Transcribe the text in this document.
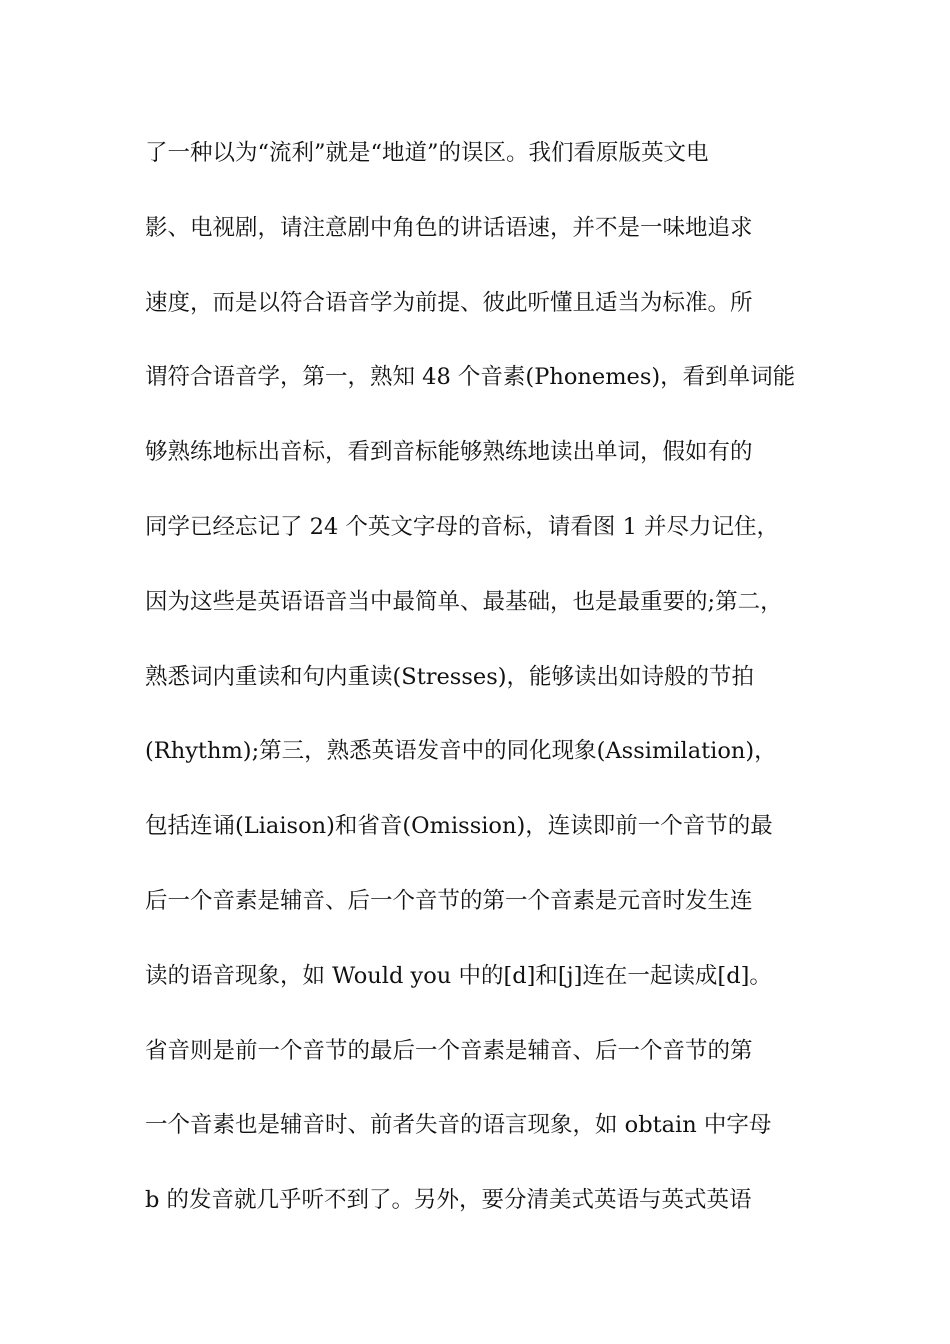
了一种以为“流利”就是“地道”的误区。我们看原版英文电
影、电视剧，请注意剧中角色的讲话语速，并不是一味地追求
速度，而是以符合语音学为前提、彼此听懂且适当为标准。所
谓符合语音学，第一，熟知 48 个音素(Phonemes)，看到单词能
够熟练地标出音标，看到音标能够熟练地读出单词，假如有的
同学已经忘记了 24 个英文字母的音标，请看图 1 并尽力记住，
因为这些是英语语音当中最简单、最基础，也是最重要的;第二，
熟悉词内重读和句内重读(Stresses)，能够读出如诗般的节拍
(Rhythm);第三，熟悉英语发音中的同化现象(Assimilation)，
包括连诵(Liaison)和省音(Omission)，连读即前一个音节的最
后一个音素是辅音、后一个音节的第一个音素是元音时发生连
读的语音现象，如 Would you 中的[d]和[j]连在一起读成[d]。
省音则是前一个音节的最后一个音素是辅音、后一个音节的第
一个音素也是辅音时、前者失音的语言现象，如 obtain 中字母
b 的发音就几乎听不到了。另外，要分清美式英语与英式英语
